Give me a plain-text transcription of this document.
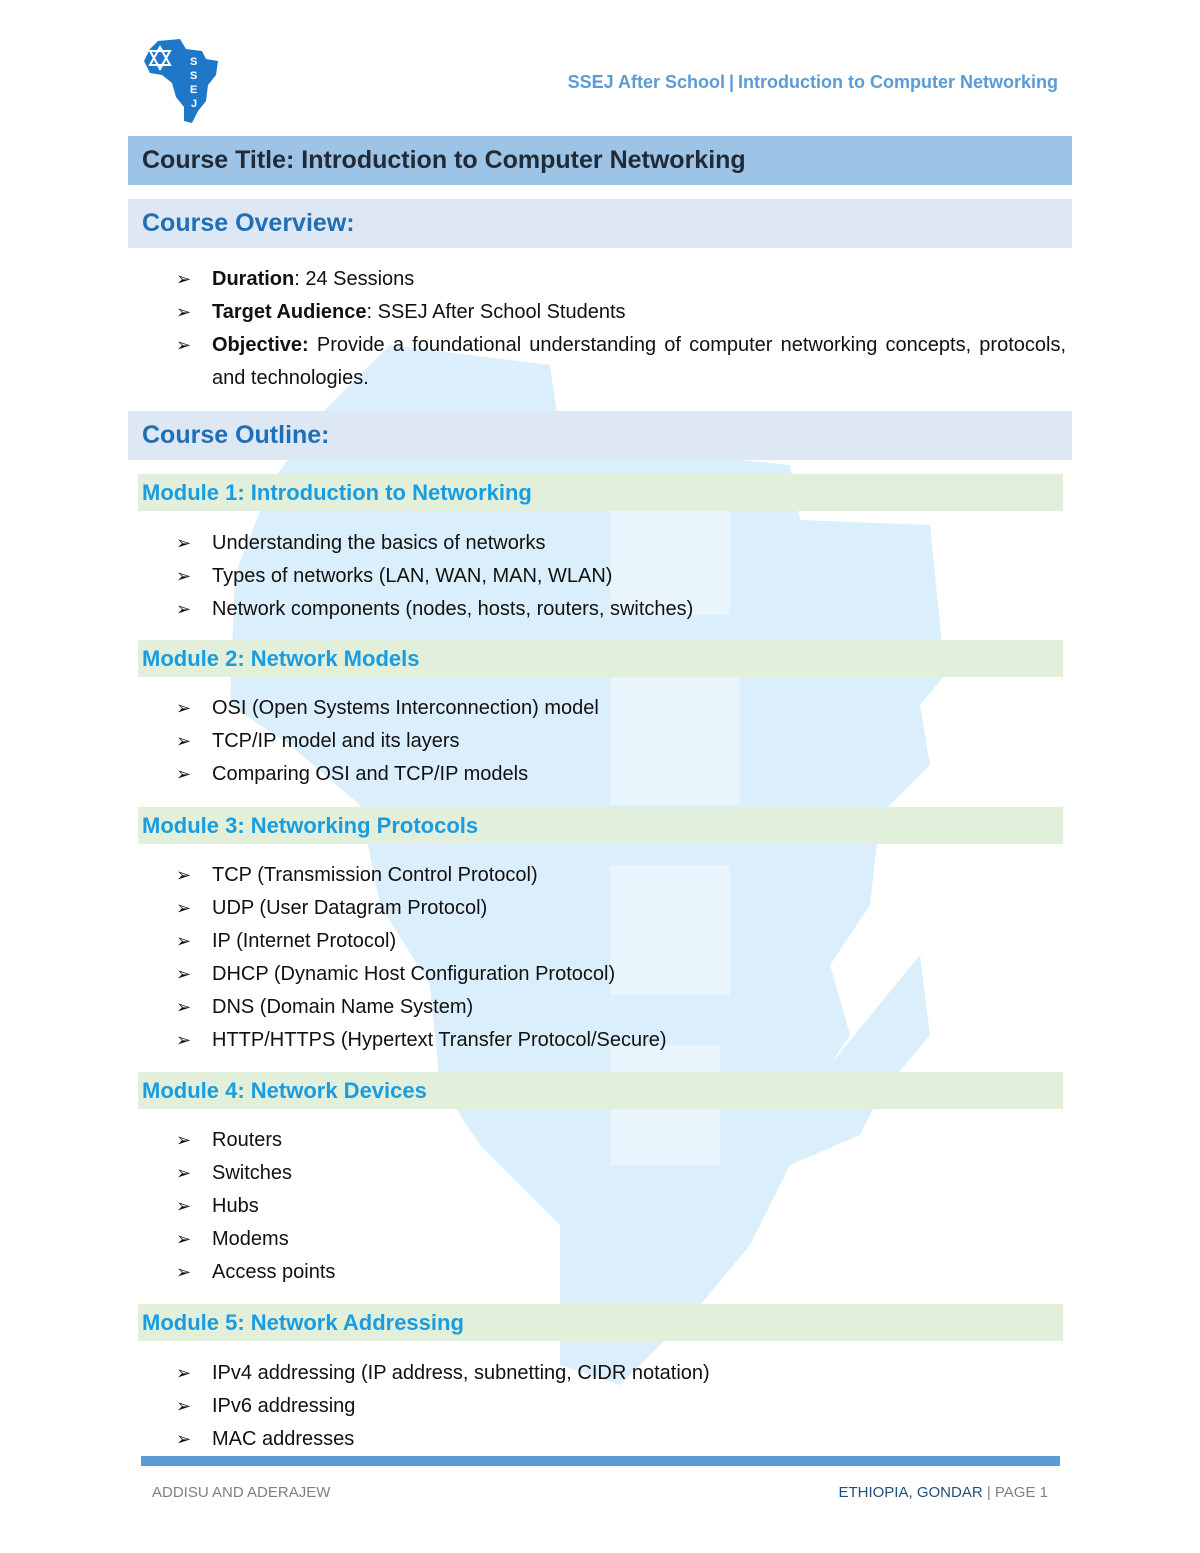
S
S
E
J
SSEJ After School | Introduction to Computer Networking
Course Title: Introduction to Computer Networking
Course Overview:
➢ Duration: 24 Sessions
➢ Target Audience: SSEJ After School Students
➢ Objective: Provide a foundational understanding of computer networking concepts, protocols, and technologies.
Course Outline:
Module 1: Introduction to Networking
➢ Understanding the basics of networks
➢ Types of networks (LAN, WAN, MAN, WLAN)
➢ Network components (nodes, hosts, routers, switches)
Module 2: Network Models
➢ OSI (Open Systems Interconnection) model
➢ TCP/IP model and its layers
➢ Comparing OSI and TCP/IP models
Module 3: Networking Protocols
➢ TCP (Transmission Control Protocol)
➢ UDP (User Datagram Protocol)
➢ IP (Internet Protocol)
➢ DHCP (Dynamic Host Configuration Protocol)
➢ DNS (Domain Name System)
➢ HTTP/HTTPS (Hypertext Transfer Protocol/Secure)
Module 4: Network Devices
➢ Routers
➢ Switches
➢ Hubs
➢ Modems
➢ Access points
Module 5: Network Addressing
➢ IPv4 addressing (IP address, subnetting, CIDR notation)
➢ IPv6 addressing
➢ MAC addresses
ADDISU AND ADERAJEW	ETHIOPIA, GONDAR | PAGE 1
